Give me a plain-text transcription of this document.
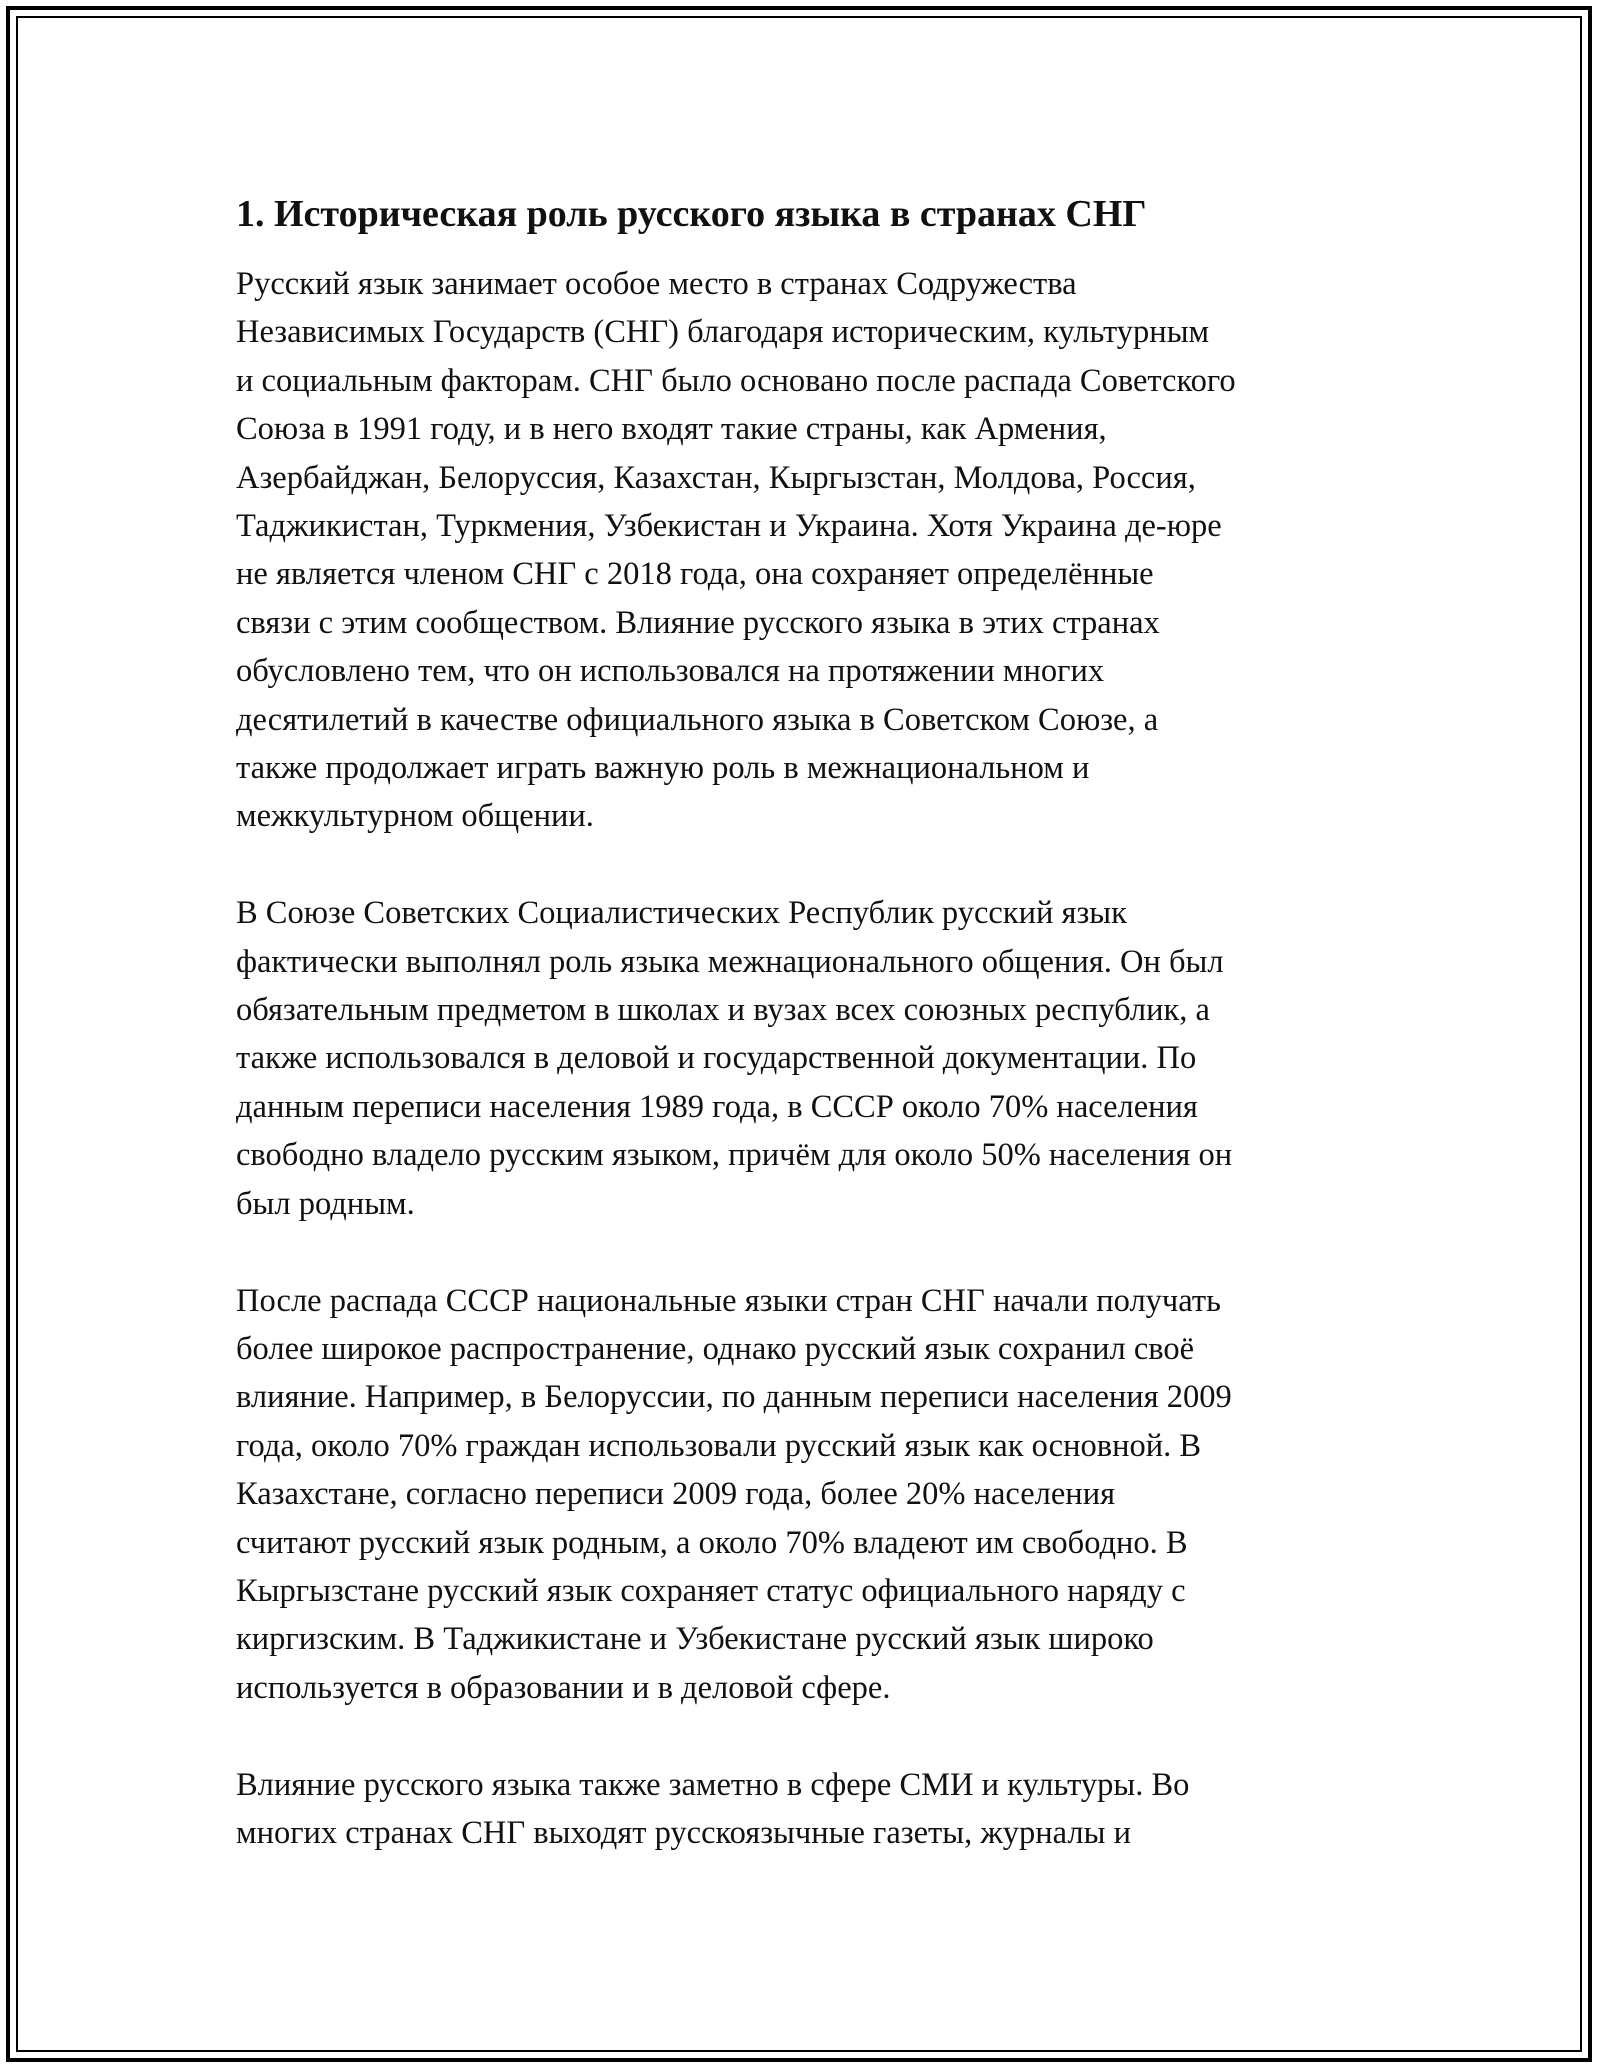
1. Историческая роль русского языка в странах СНГ
Русский язык занимает особое место в странах Содружества
Независимых Государств (СНГ) благодаря историческим, культурным
и социальным факторам. СНГ было основано после распада Советского
Союза в 1991 году, и в него входят такие страны, как Армения,
Азербайджан, Белоруссия, Казахстан, Кыргызстан, Молдова, Россия,
Таджикистан, Туркмения, Узбекистан и Украина. Хотя Украина де-юре
не является членом СНГ с 2018 года, она сохраняет определённые
связи с этим сообществом. Влияние русского языка в этих странах
обусловлено тем, что он использовался на протяжении многих
десятилетий в качестве официального языка в Советском Союзе, а
также продолжает играть важную роль в межнациональном и
межкультурном общении.
В Союзе Советских Социалистических Республик русский язык
фактически выполнял роль языка межнационального общения. Он был
обязательным предметом в школах и вузах всех союзных республик, а
также использовался в деловой и государственной документации. По
данным переписи населения 1989 года, в СССР около 70% населения
свободно владело русским языком, причём для около 50% населения он
был родным.
После распада СССР национальные языки стран СНГ начали получать
более широкое распространение, однако русский язык сохранил своё
влияние. Например, в Белоруссии, по данным переписи населения 2009
года, около 70% граждан использовали русский язык как основной. В
Казахстане, согласно переписи 2009 года, более 20% населения
считают русский язык родным, а около 70% владеют им свободно. В
Кыргызстане русский язык сохраняет статус официального наряду с
киргизским. В Таджикистане и Узбекистане русский язык широко
используется в образовании и в деловой сфере.
Влияние русского языка также заметно в сфере СМИ и культуры. Во
многих странах СНГ выходят русскоязычные газеты, журналы и
